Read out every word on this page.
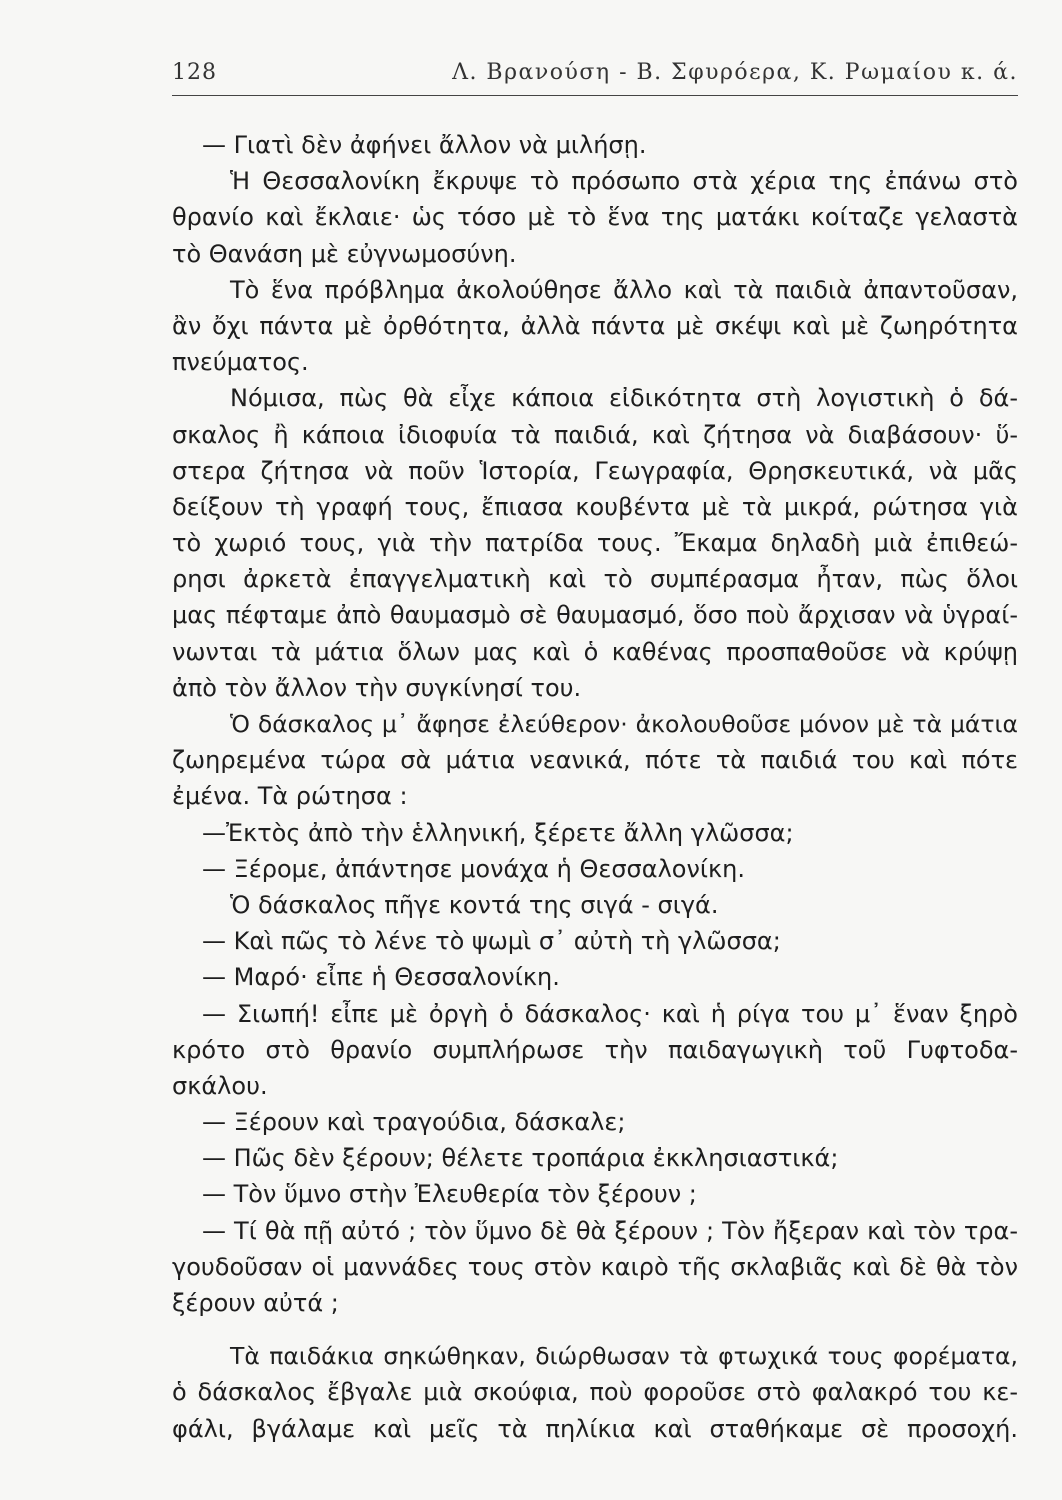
128	Λ. Βρανούση - Β. Σφυρόερα, Κ. Ρωμαίου κ. ά.
— Γιατὶ δὲν ἀφήνει ἄλλον νὰ μιλήσῃ.
Ἡ Θεσσαλονίκη ἔκρυψε τὸ πρόσωπο στὰ χέρια της ἐπάνω στὸ
θρανίο καὶ ἔκλαιε· ὡς τόσο μὲ τὸ ἕνα της ματάκι κοίταζε γελαστὰ
τὸ Θανάση μὲ εὐγνωμοσύνη.
Τὸ ἕνα πρόβλημα ἀκολούθησε ἄλλο καὶ τὰ παιδιὰ ἀπαντοῦσαν,
ἂν ὄχι πάντα μὲ ὀρθότητα, ἀλλὰ πάντα μὲ σκέψι καὶ μὲ ζωηρότητα
πνεύματος.
Νόμισα, πὼς θὰ εἶχε κάποια εἰδικότητα στὴ λογιστικὴ ὁ δά-
σκαλος ἢ κάποια ἰδιοφυία τὰ παιδιά, καὶ ζήτησα νὰ διαβάσουν· ὕ-
στερα ζήτησα νὰ ποῦν Ἱστορία, Γεωγραφία, Θρησκευτικά, νὰ μᾶς
δείξουν τὴ γραφή τους, ἔπιασα κουβέντα μὲ τὰ μικρά, ρώτησα γιὰ
τὸ χωριό τους, γιὰ τὴν πατρίδα τους. Ἔκαμα δηλαδὴ μιὰ ἐπιθεώ-
ρησι ἀρκετὰ ἐπαγγελματικὴ καὶ τὸ συμπέρασμα ἦταν, πὼς ὅλοι
μας πέφταμε ἀπὸ θαυμασμὸ σὲ θαυμασμό, ὅσο ποὺ ἄρχισαν νὰ ὑγραί-
νωνται τὰ μάτια ὅλων μας καὶ ὁ καθένας προσπαθοῦσε νὰ κρύψῃ
ἀπὸ τὸν ἄλλον τὴν συγκίνησί του.
Ὁ δάσκαλος μ᾽ ἄφησε ἐλεύθερον· ἀκολουθοῦσε μόνον μὲ τὰ μάτια
ζωηρεμένα τώρα σὰ μάτια νεανικά, πότε τὰ παιδιά του καὶ πότε
ἐμένα. Τὰ ρώτησα :
—Ἐκτὸς ἀπὸ τὴν ἑλληνική, ξέρετε ἄλλη γλῶσσα;
— Ξέρομε, ἀπάντησε μονάχα ἡ Θεσσαλονίκη.
Ὁ δάσκαλος πῆγε κοντά της σιγά - σιγά.
— Καὶ πῶς τὸ λένε τὸ ψωμὶ σ᾽ αὐτὴ τὴ γλῶσσα;
— Μαρό· εἶπε ἡ Θεσσαλονίκη.
— Σιωπή! εἶπε μὲ ὀργὴ ὁ δάσκαλος· καὶ ἡ ρίγα του μ᾽ ἕναν ξηρὸ
κρότο στὸ θρανίο συμπλήρωσε τὴν παιδαγωγικὴ τοῦ Γυφτοδα-
σκάλου.
— Ξέρουν καὶ τραγούδια, δάσκαλε;
— Πῶς δὲν ξέρουν; θέλετε τροπάρια ἐκκλησιαστικά;
— Τὸν ὕμνο στὴν Ἐλευθερία τὸν ξέρουν ;
— Τί θὰ πῇ αὐτό ; τὸν ὕμνο δὲ θὰ ξέρουν ; Τὸν ἤξεραν καὶ τὸν τρα-
γουδοῦσαν οἱ μαννάδες τους στὸν καιρὸ τῆς σκλαβιᾶς καὶ δὲ θὰ τὸν
ξέρουν αὐτά ;
Τὰ παιδάκια σηκώθηκαν, διώρθωσαν τὰ φτωχικά τους φορέματα,
ὁ δάσκαλος ἔβγαλε μιὰ σκούφια, ποὺ φοροῦσε στὸ φαλακρό του κε-
φάλι, βγάλαμε καὶ μεῖς τὰ πηλίκια καὶ σταθήκαμε σὲ προσοχή.
